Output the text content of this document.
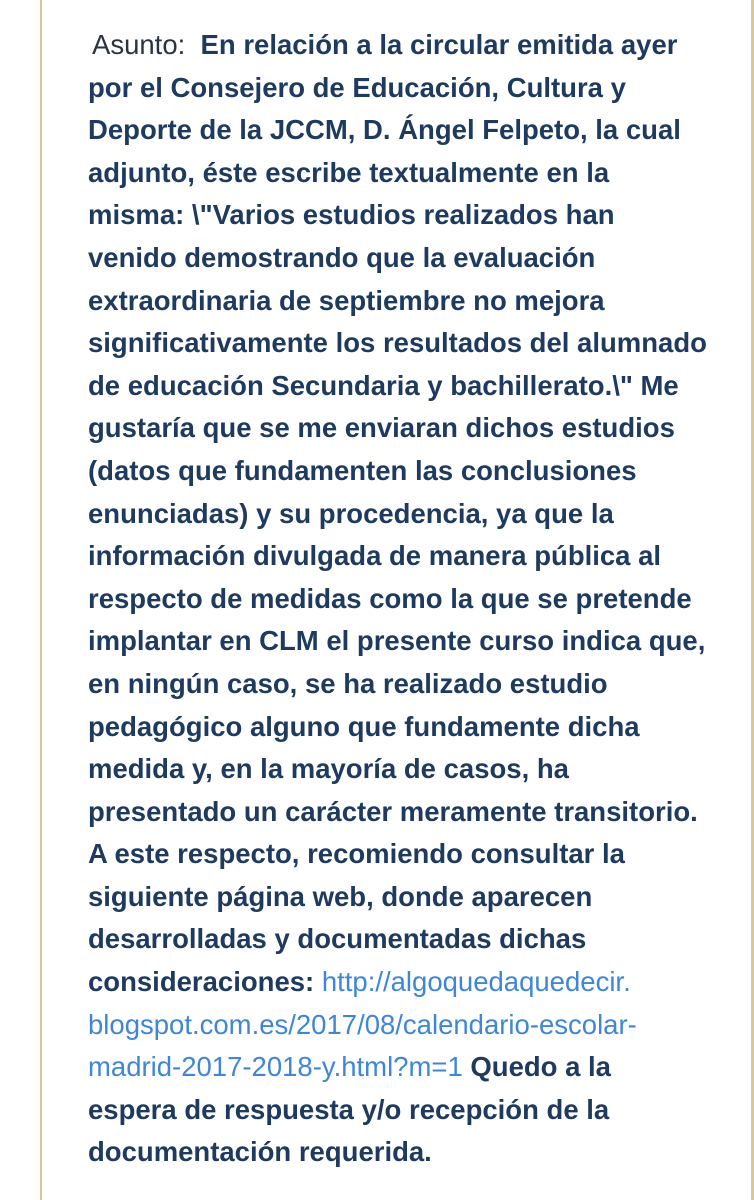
Asunto: En relación a la circular emitida ayer
por el Consejero de Educación, Cultura y
Deporte de la JCCM, D. Ángel Felpeto, la cual
adjunto, éste escribe textualmente en la
misma: \"Varios estudios realizados han
venido demostrando que la evaluación
extraordinaria de septiembre no mejora
significativamente los resultados del alumnado
de educación Secundaria y bachillerato.\" Me
gustaría que se me enviaran dichos estudios
(datos que fundamenten las conclusiones
enunciadas) y su procedencia, ya que la
información divulgada de manera pública al
respecto de medidas como la que se pretende
implantar en CLM el presente curso indica que,
en ningún caso, se ha realizado estudio
pedagógico alguno que fundamente dicha
medida y, en la mayoría de casos, ha
presentado un carácter meramente transitorio.
A este respecto, recomiendo consultar la
siguiente página web, donde aparecen
desarrolladas y documentadas dichas
consideraciones: http://algoquedaquedecir.
blogspot.com.es/2017/08/calendario-escolar-
madrid-2017-2018-y.html?m=1 Quedo a la
espera de respuesta y/o recepción de la
documentación requerida.
